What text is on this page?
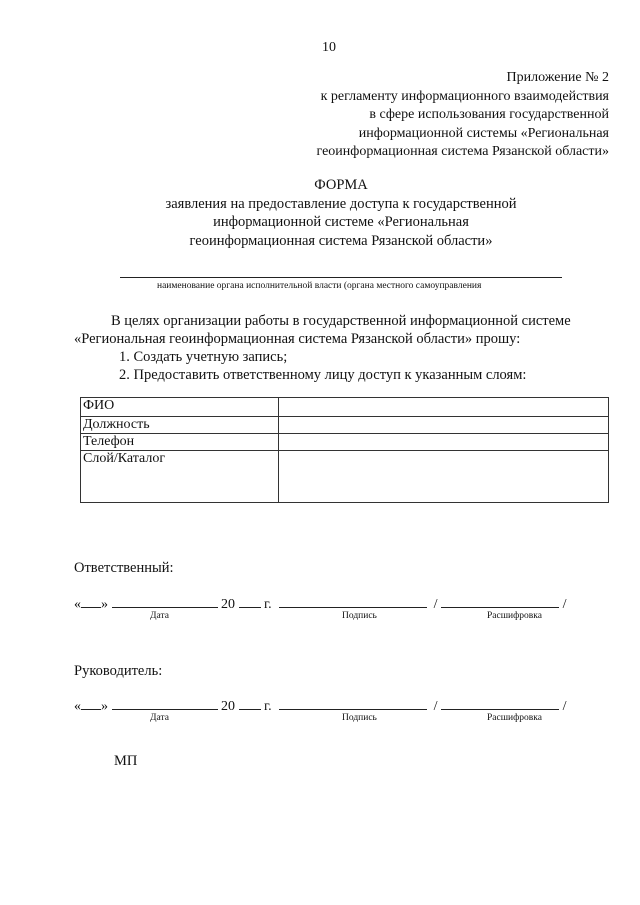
10
Приложение № 2
к регламенту информационного взаимодействия
в сфере использования государственной
информационной системы «Региональная
геоинформационная система Рязанской области»
ФОРМА
заявления на предоставление доступа к государственной
информационной системе «Региональная
геоинформационная система Рязанской области»
наименование органа исполнительной власти (органа местного самоуправления
В целях организации работы в государственной информационной системе
«Региональная геоинформационная система Рязанской области» прошу:
1. Создать учетную запись;
2. Предоставить ответственному лицу доступ к указанным слоям:
ФИО	
Должность	
Телефон	
Слой/Каталог	
Ответственный:
« »	20 г.	/	/
Дата	Подпись	Расшифровка
Руководитель:
« »	20 г.	/	/
Дата	Подпись	Расшифровка
МП
